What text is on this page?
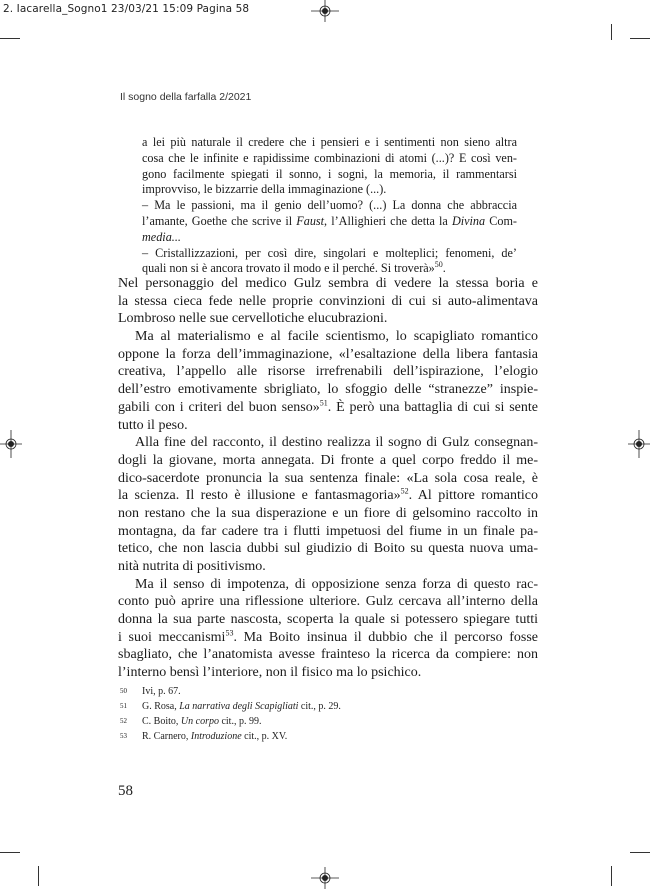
2. Iacarella_Sogno1 23/03/21 15:09 Pagina 58
Il sogno della farfalla 2/2021
a lei più naturale il credere che i pensieri e i sentimenti non sieno altra
cosa che le infinite e rapidissime combinazioni di atomi (...)? E così ven-
gono facilmente spiegati il sonno, i sogni, la memoria, il rammentarsi
improvviso, le bizzarrie della immaginazione (...).
– Ma le passioni, ma il genio dell’uomo? (...) La donna che abbraccia
l’amante, Goethe che scrive il Faust, l’Allighieri che detta la Divina Com-
media...
– Cristallizzazioni, per così dire, singolari e molteplici; fenomeni, de’
quali non si è ancora trovato il modo e il perché. Si troverà»$^{50}$.
Nel personaggio del medico Gulz sembra di vedere la stessa boria e
la stessa cieca fede nelle proprie convinzioni di cui si auto-alimentava
Lombroso nelle sue cervellotiche elucubrazioni.
Ma al materialismo e al facile scientismo, lo scapigliato romantico
oppone la forza dell’immaginazione, «l’esaltazione della libera fantasia
creativa, l’appello alle risorse irrefrenabili dell’ispirazione, l’elogio
dell’estro emotivamente sbrigliato, lo sfoggio delle “stranezze” inspie-
gabili con i criteri del buon senso»$^{51}$. È però una battaglia di cui si sente
tutto il peso.
Alla fine del racconto, il destino realizza il sogno di Gulz consegnan-
dogli la giovane, morta annegata. Di fronte a quel corpo freddo il me-
dico-sacerdote pronuncia la sua sentenza finale: «La sola cosa reale, è
la scienza. Il resto è illusione e fantasmagoria»$^{52}$. Al pittore romantico
non restano che la sua disperazione e un fiore di gelsomino raccolto in
montagna, da far cadere tra i flutti impetuosi del fiume in un finale pa-
tetico, che non lascia dubbi sul giudizio di Boito su questa nuova uma-
nità nutrita di positivismo.
Ma il senso di impotenza, di opposizione senza forza di questo rac-
conto può aprire una riflessione ulteriore. Gulz cercava all’interno della
donna la sua parte nascosta, scoperta la quale si potessero spiegare tutti
i suoi meccanismi$^{53}$. Ma Boito insinua il dubbio che il percorso fosse
sbagliato, che l’anatomista avesse frainteso la ricerca da compiere: non
l’interno bensì l’interiore, non il fisico ma lo psichico.
50 Ivi, p. 67.
51 G. Rosa, La narrativa degli Scapigliati cit., p. 29.
52 C. Boito, Un corpo cit., p. 99.
53 R. Carnero, Introduzione cit., p. XV.
58
